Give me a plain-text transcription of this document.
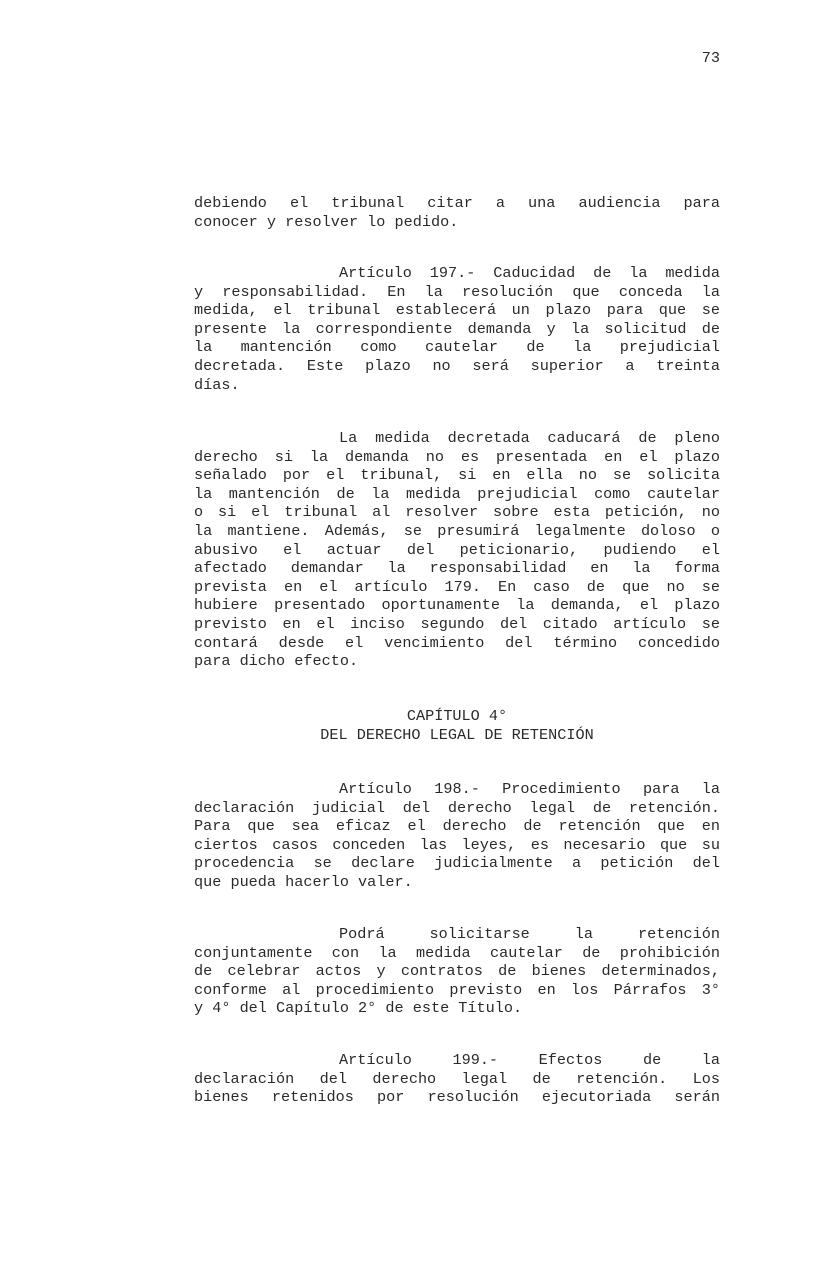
73
debiendo el tribunal citar a una audiencia para
conocer y resolver lo pedido.
Artículo 197.- Caducidad de la medida
y responsabilidad. En la resolución que conceda la
medida, el tribunal establecerá un plazo para que se
presente la correspondiente demanda y la solicitud de
la mantención como cautelar de la prejudicial
decretada. Este plazo no será superior a treinta
días.
La medida decretada caducará de pleno
derecho si la demanda no es presentada en el plazo
señalado por el tribunal, si en ella no se solicita
la mantención de la medida prejudicial como cautelar
o si el tribunal al resolver sobre esta petición, no
la mantiene. Además, se presumirá legalmente doloso o
abusivo el actuar del peticionario, pudiendo el
afectado demandar la responsabilidad en la forma
prevista en el artículo 179. En caso de que no se
hubiere presentado oportunamente la demanda, el plazo
previsto en el inciso segundo del citado artículo se
contará desde el vencimiento del término concedido
para dicho efecto.
CAPÍTULO 4°
DEL DERECHO LEGAL DE RETENCIÓN
Artículo 198.- Procedimiento para la
declaración judicial del derecho legal de retención.
Para que sea eficaz el derecho de retención que en
ciertos casos conceden las leyes, es necesario que su
procedencia se declare judicialmente a petición del
que pueda hacerlo valer.
Podrá solicitarse la retención
conjuntamente con la medida cautelar de prohibición
de celebrar actos y contratos de bienes determinados,
conforme al procedimiento previsto en los Párrafos 3°
y 4° del Capítulo 2° de este Título.
Artículo 199.- Efectos de la
declaración del derecho legal de retención. Los
bienes retenidos por resolución ejecutoriada serán
